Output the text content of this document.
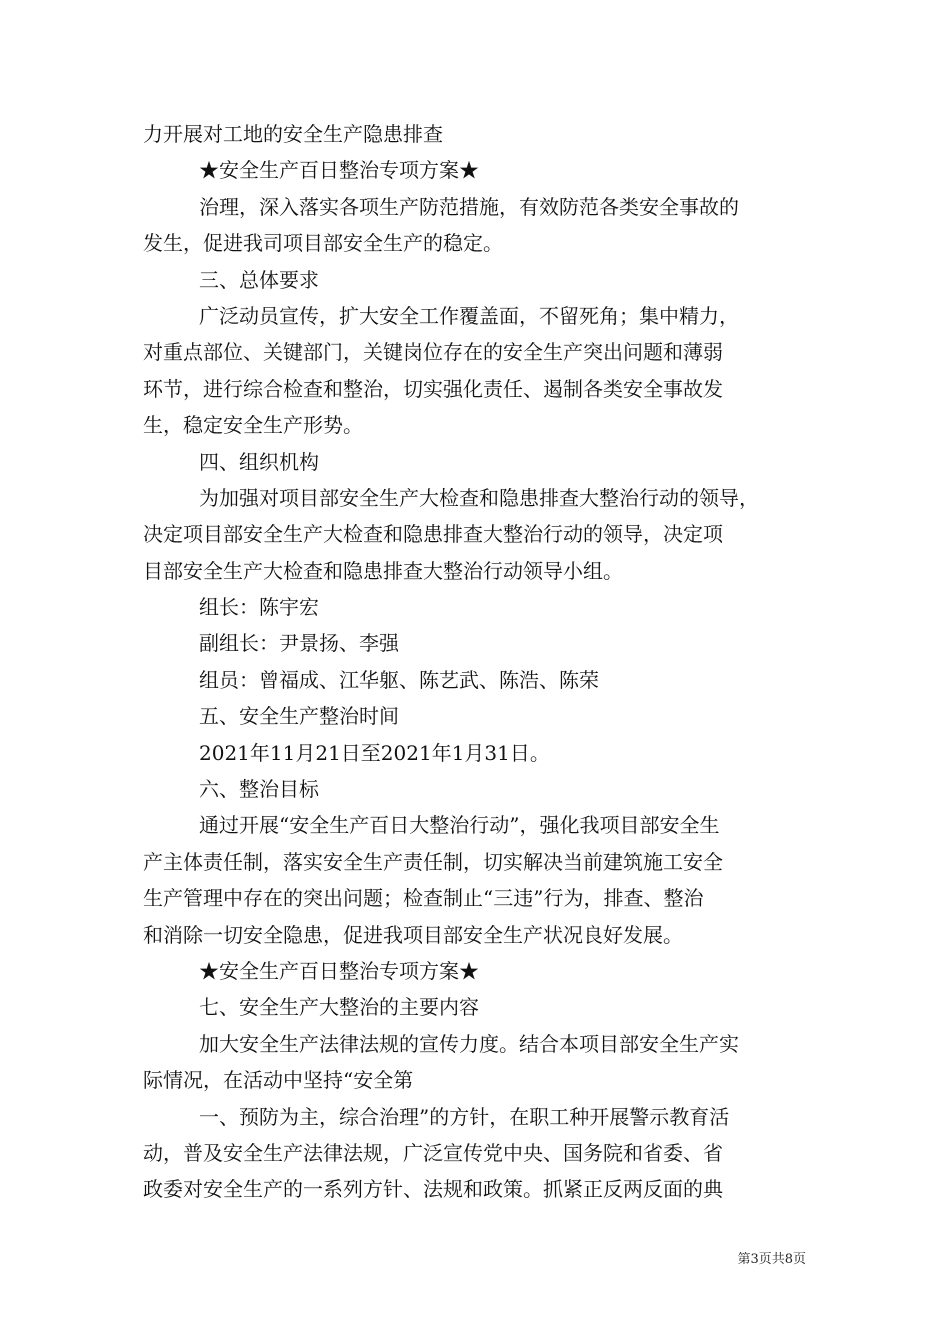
力开展对工地的安全生产隐患排查
★安全生产百日整治专项方案★
治理，深入落实各项生产防范措施，有效防范各类安全事故的
发生，促进我司项目部安全生产的稳定。
三、总体要求
广泛动员宣传，扩大安全工作覆盖面，不留死角；集中精力，
对重点部位、关键部门，关键岗位存在的安全生产突出问题和薄弱
环节，进行综合检查和整治，切实强化责任、遏制各类安全事故发
生，稳定安全生产形势。
四、组织机构
为加强对项目部安全生产大检查和隐患排查大整治行动的领导，
决定项目部安全生产大检查和隐患排查大整治行动的领导，决定项
目部安全生产大检查和隐患排查大整治行动领导小组。
组长：陈宇宏
副组长：尹景扬、李强
组员：曾福成、江华躯、陈艺武、陈浩、陈荣
五、安全生产整治时间
2021年11月21日至2021年1月31日。
六、整治目标
通过开展“安全生产百日大整治行动”，强化我项目部安全生
产主体责任制，落实安全生产责任制，切实解决当前建筑施工安全
生产管理中存在的突出问题；检查制止“三违”行为，排查、整治
和消除一切安全隐患，促进我项目部安全生产状况良好发展。
★安全生产百日整治专项方案★
七、安全生产大整治的主要内容
加大安全生产法律法规的宣传力度。结合本项目部安全生产实
际情况，在活动中坚持“安全第
一、预防为主，综合治理”的方针，在职工种开展警示教育活
动，普及安全生产法律法规，广泛宣传党中央、国务院和省委、省
政委对安全生产的一系列方针、法规和政策。抓紧正反两反面的典
第3页共8页
